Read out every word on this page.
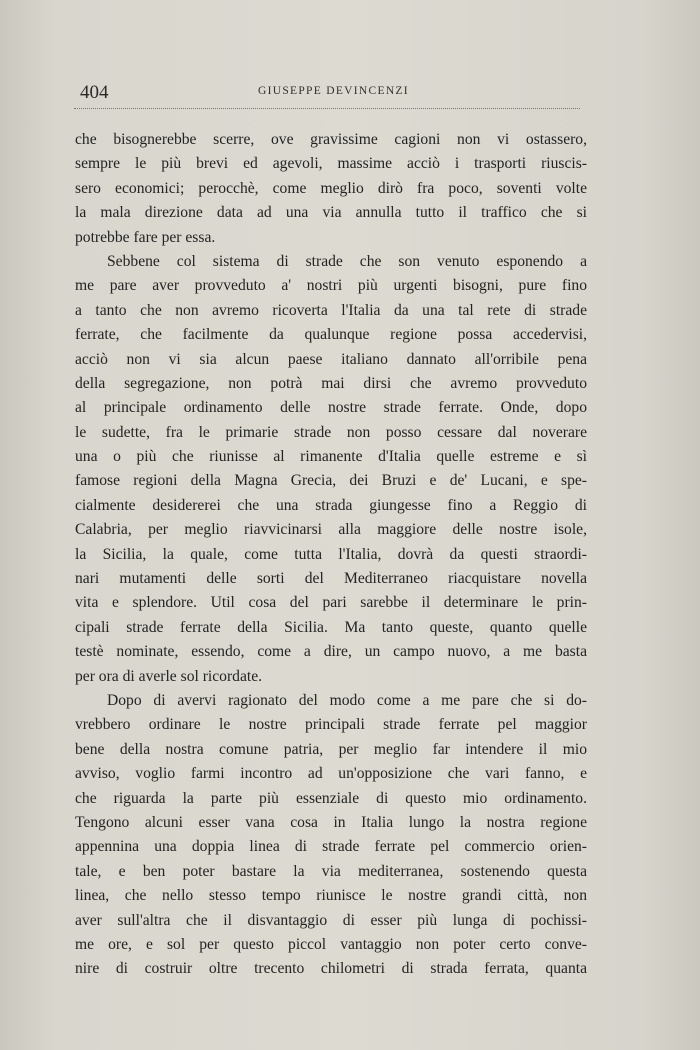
404	GIUSEPPE DEVINCENZI
che bisognerebbe scerre, ove gravissime cagioni non vi ostassero,
sempre le più brevi ed agevoli, massime acciò i trasporti riuscis-
sero economici; perocchè, come meglio dirò fra poco, soventi volte
la mala direzione data ad una via annulla tutto il traffico che si
potrebbe fare per essa.
Sebbene col sistema di strade che son venuto esponendo a
me pare aver provveduto a' nostri più urgenti bisogni, pure fino
a tanto che non avremo ricoverta l'Italia da una tal rete di strade
ferrate, che facilmente da qualunque regione possa accedervisi,
acciò non vi sia alcun paese italiano dannato all'orribile pena
della segregazione, non potrà mai dirsi che avremo provveduto
al principale ordinamento delle nostre strade ferrate. Onde, dopo
le sudette, fra le primarie strade non posso cessare dal noverare
una o più che riunisse al rimanente d'Italia quelle estreme e sì
famose regioni della Magna Grecia, dei Bruzi e de' Lucani, e spe-
cialmente desidererei che una strada giungesse fino a Reggio di
Calabria, per meglio riavvicinarsi alla maggiore delle nostre isole,
la Sicilia, la quale, come tutta l'Italia, dovrà da questi straordi-
nari mutamenti delle sorti del Mediterraneo riacquistare novella
vita e splendore. Util cosa del pari sarebbe il determinare le prin-
cipali strade ferrate della Sicilia. Ma tanto queste, quanto quelle
testè nominate, essendo, come a dire, un campo nuovo, a me basta
per ora di averle sol ricordate.
Dopo di avervi ragionato del modo come a me pare che si do-
vrebbero ordinare le nostre principali strade ferrate pel maggior
bene della nostra comune patria, per meglio far intendere il mio
avviso, voglio farmi incontro ad un'opposizione che vari fanno, e
che riguarda la parte più essenziale di questo mio ordinamento.
Tengono alcuni esser vana cosa in Italia lungo la nostra regione
appennina una doppia linea di strade ferrate pel commercio orien-
tale, e ben poter bastare la via mediterranea, sostenendo questa
linea, che nello stesso tempo riunisce le nostre grandi città, non
aver sull'altra che il disvantaggio di esser più lunga di pochissi-
me ore, e sol per questo piccol vantaggio non poter certo conve-
nire di costruir oltre trecento chilometri di strada ferrata, quanta
